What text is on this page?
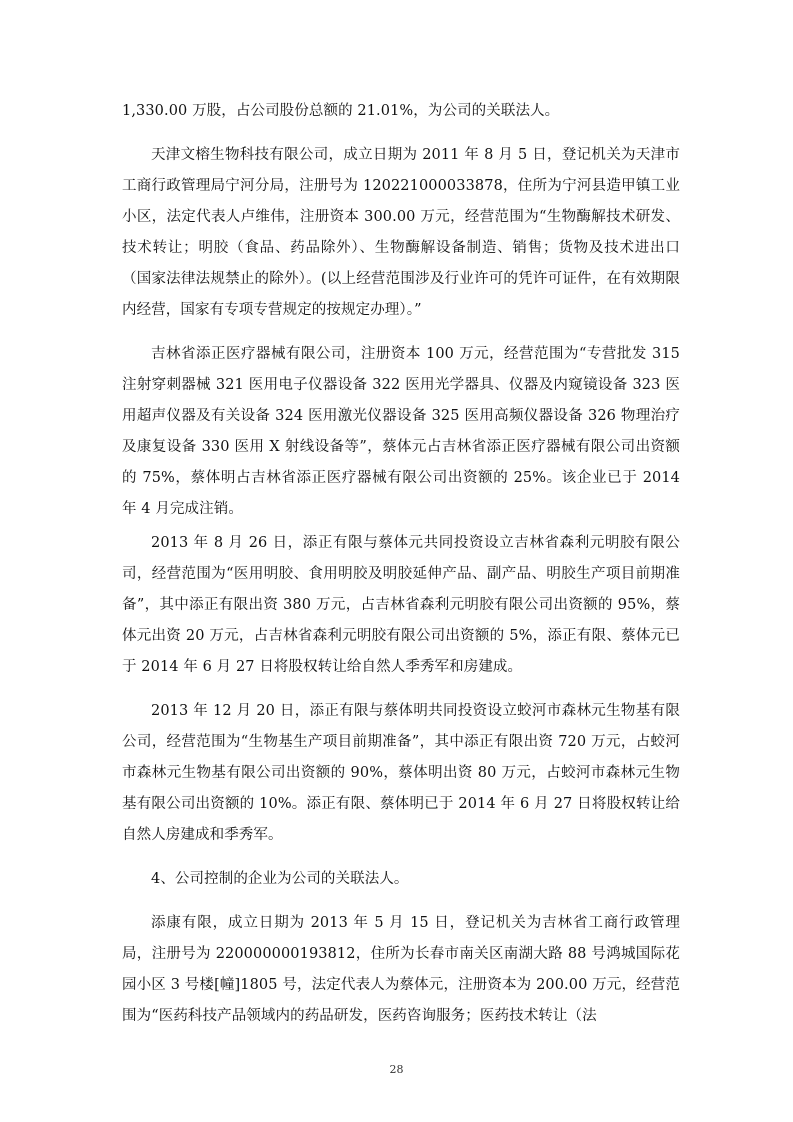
1,330.00 万股，占公司股份总额的 21.01%，为公司的关联法人。

天津文榕生物科技有限公司，成立日期为 2011 年 8 月 5 日，登记机关为天津市工商行政管理局宁河分局，注册号为 120221000033878，住所为宁河县造甲镇工业小区，法定代表人卢维伟，注册资本 300.00 万元，经营范围为“生物酶解技术研发、技术转让；明胶（食品、药品除外）、生物酶解设备制造、销售；货物及技术进出口（国家法律法规禁止的除外）。(以上经营范围涉及行业许可的凭许可证件，在有效期限内经营，国家有专项专营规定的按规定办理）。”

吉林省添正医疗器械有限公司，注册资本 100 万元，经营范围为“专营批发 315 注射穿刺器械 321 医用电子仪器设备 322 医用光学器具、仪器及内窥镜设备 323 医用超声仪器及有关设备 324 医用激光仪器设备 325 医用高频仪器设备 326 物理治疗及康复设备 330 医用 X 射线设备等”，蔡体元占吉林省添正医疗器械有限公司出资额的 75%，蔡体明占吉林省添正医疗器械有限公司出资额的 25%。该企业已于 2014 年 4 月完成注销。

2013 年 8 月 26 日，添正有限与蔡体元共同投资设立吉林省森利元明胶有限公司，经营范围为“医用明胶、食用明胶及明胶延伸产品、副产品、明胶生产项目前期准备”，其中添正有限出资 380 万元，占吉林省森利元明胶有限公司出资额的 95%，蔡体元出资 20 万元，占吉林省森利元明胶有限公司出资额的 5%，添正有限、蔡体元已于 2014 年 6 月 27 日将股权转让给自然人季秀军和房建成。

2013 年 12 月 20 日，添正有限与蔡体明共同投资设立蛟河市森林元生物基有限公司，经营范围为“生物基生产项目前期准备”，其中添正有限出资 720 万元，占蛟河市森林元生物基有限公司出资额的 90%，蔡体明出资 80 万元，占蛟河市森林元生物基有限公司出资额的 10%。添正有限、蔡体明已于 2014 年 6 月 27 日将股权转让给自然人房建成和季秀军。

4、公司控制的企业为公司的关联法人。

添康有限，成立日期为 2013 年 5 月 15 日，登记机关为吉林省工商行政管理局，注册号为 220000000193812，住所为长春市南关区南湖大路 88 号鸿城国际花园小区 3 号楼[幢]1805 号，法定代表人为蔡体元，注册资本为 200.00 万元，经营范围为“医药科技产品领域内的药品研发，医药咨询服务；医药技术转让（法

28
